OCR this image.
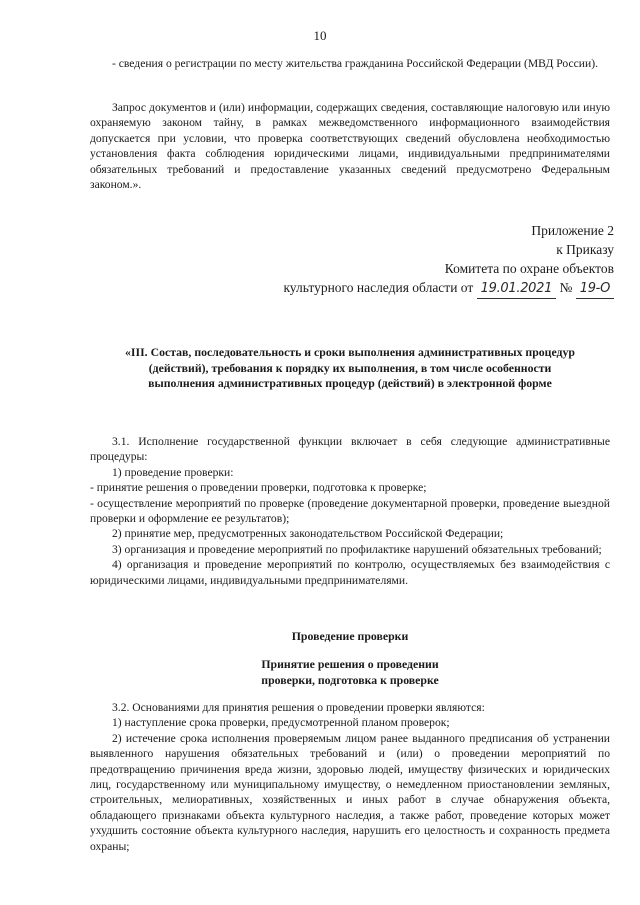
10

- сведения о регистрации по месту жительства гражданина Российской Федерации (МВД России).

Запрос документов и (или) информации, содержащих сведения, составляющие налоговую или иную охраняемую законом тайну, в рамках межведомственного информационного взаимодействия допускается при условии, что проверка соответствующих сведений обусловлена необходимостью установления факта соблюдения юридическими лицами, индивидуальными предпринимателями обязательных требований и предоставление указанных сведений предусмотрено Федеральным законом.».

Приложение 2
к Приказу
Комитета по охране объектов
культурного наследия области от 19.01.2021 № 19-О
«III. Состав, последовательность и сроки выполнения административных процедур (действий), требования к порядку их выполнения, в том числе особенности выполнения административных процедур (действий) в электронной форме

3.1. Исполнение государственной функции включает в себя следующие административные процедуры:

1) проведение проверки:

- принятие решения о проведении проверки, подготовка к проверке;

- осуществление мероприятий по проверке (проведение документарной проверки, проведение выездной проверки и оформление ее результатов);

2) принятие мер, предусмотренных законодательством Российской Федерации;

3) организация и проведение мероприятий по профилактике нарушений обязательных требований;

4) организация и проведение мероприятий по контролю, осуществляемых без взаимодействия с юридическими лицами, индивидуальными предпринимателями.

Проведение проверки
Принятие решения о проведении проверки, подготовка к проверке

3.2. Основаниями для принятия решения о проведении проверки являются:

1) наступление срока проверки, предусмотренной планом проверок;

2) истечение срока исполнения проверяемым лицом ранее выданного предписания об устранении выявленного нарушения обязательных требований и (или) о проведении мероприятий по предотвращению причинения вреда жизни, здоровью людей, имуществу физических и юридических лиц, государственному или муниципальному имуществу, о немедленном приостановлении земляных, строительных, мелиоративных, хозяйственных и иных работ в случае обнаружения объекта, обладающего признаками объекта культурного наследия, а также работ, проведение которых может ухудшить состояние объекта культурного наследия, нарушить его целостность и сохранность предмета охраны;
